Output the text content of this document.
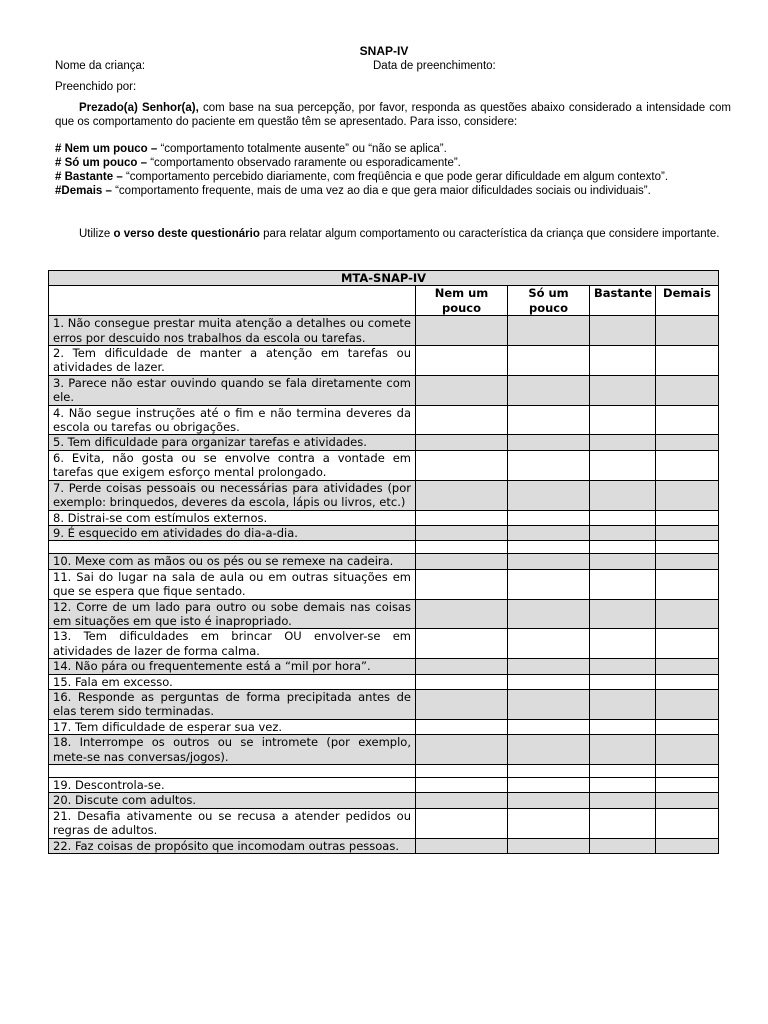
SNAP-IV
Nome da criança:	Data de preenchimento:
Preenchido por:
Prezado(a) Senhor(a), com base na sua percepção, por favor, responda as questões abaixo considerado a intensidade com que os comportamento do paciente em questão têm se apresentado. Para isso, considere:
# Nem um pouco – “comportamento totalmente ausente” ou “não se aplica”.
# Só um pouco – “comportamento observado raramente ou esporadicamente”.
# Bastante – “comportamento percebido diariamente, com freqüência e que pode gerar dificuldade em algum contexto”.
#Demais – “comportamento frequente, mais de uma vez ao dia e que gera maior dificuldades sociais ou individuais”.
Utilize o verso deste questionário para relatar algum comportamento ou característica da criança que considere importante.
MTA-SNAP-IV				
	Nem um pouco	Só um pouco	Bastante	Demais
1. Não consegue prestar muita atenção a detalhes ou comete erros por descuido nos trabalhos da escola ou tarefas.				
2. Tem dificuldade de manter a atenção em tarefas ou atividades de lazer.				
3. Parece não estar ouvindo quando se fala diretamente com ele.				
4. Não segue instruções até o fim e não termina deveres da escola ou tarefas ou obrigações.				
5. Tem dificuldade para organizar tarefas e atividades.				
6. Evita, não gosta ou se envolve contra a vontade em tarefas que exigem esforço mental prolongado.				
7. Perde coisas pessoais ou necessárias para atividades (por exemplo: brinquedos, deveres da escola, lápis ou livros, etc.)				
8. Distrai-se com estímulos externos.				
9. É esquecido em atividades do dia-a-dia.				

10. Mexe com as mãos ou os pés ou se remexe na cadeira.				
11. Sai do lugar na sala de aula ou em outras situações em que se espera que fique sentado.				
12. Corre de um lado para outro ou sobe demais nas coisas em situações em que isto é inapropriado.				
13. Tem dificuldades em brincar OU envolver-se em atividades de lazer de forma calma.				
14. Não pára ou frequentemente está a “mil por hora”.				
15. Fala em excesso.				
16. Responde as perguntas de forma precipitada antes de elas terem sido terminadas.				
17. Tem dificuldade de esperar sua vez.				
18. Interrompe os outros ou se intromete (por exemplo, mete-se nas conversas/jogos).				

19. Descontrola-se.				
20. Discute com adultos.				
21. Desafia ativamente ou se recusa a atender pedidos ou regras de adultos.				
22. Faz coisas de propósito que incomodam outras pessoas.				
